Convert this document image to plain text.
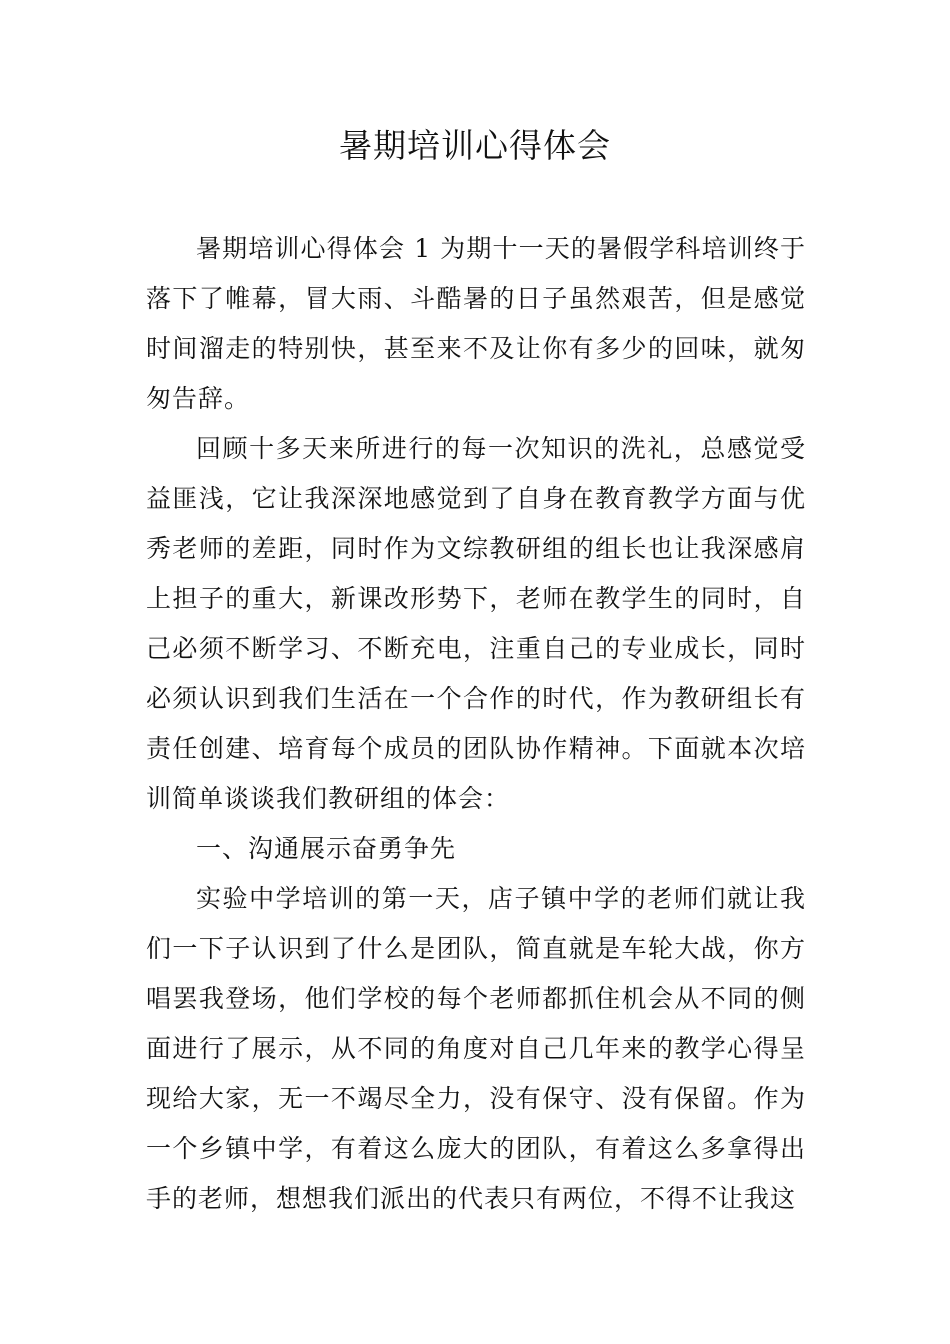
暑期培训心得体会

暑期培训心得体会 1 为期十一天的暑假学科培训终于落下了帷幕，冒大雨、斗酷暑的日子虽然艰苦，但是感觉时间溜走的特别快，甚至来不及让你有多少的回味，就匆匆告辞。

回顾十多天来所进行的每一次知识的洗礼，总感觉受益匪浅，它让我深深地感觉到了自身在教育教学方面与优秀老师的差距，同时作为文综教研组的组长也让我深感肩上担子的重大，新课改形势下，老师在教学生的同时，自己必须不断学习、不断充电，注重自己的专业成长，同时必须认识到我们生活在一个合作的时代，作为教研组长有责任创建、培育每个成员的团队协作精神。下面就本次培训简单谈谈我们教研组的体会：

一、沟通展示奋勇争先

实验中学培训的第一天，店子镇中学的老师们就让我们一下子认识到了什么是团队，简直就是车轮大战，你方唱罢我登场，他们学校的每个老师都抓住机会从不同的侧面进行了展示，从不同的角度对自己几年来的教学心得呈现给大家，无一不竭尽全力，没有保守、没有保留。作为一个乡镇中学，有着这么庞大的团队，有着这么多拿得出手的老师，想想我们派出的代表只有两位，不得不让我这
